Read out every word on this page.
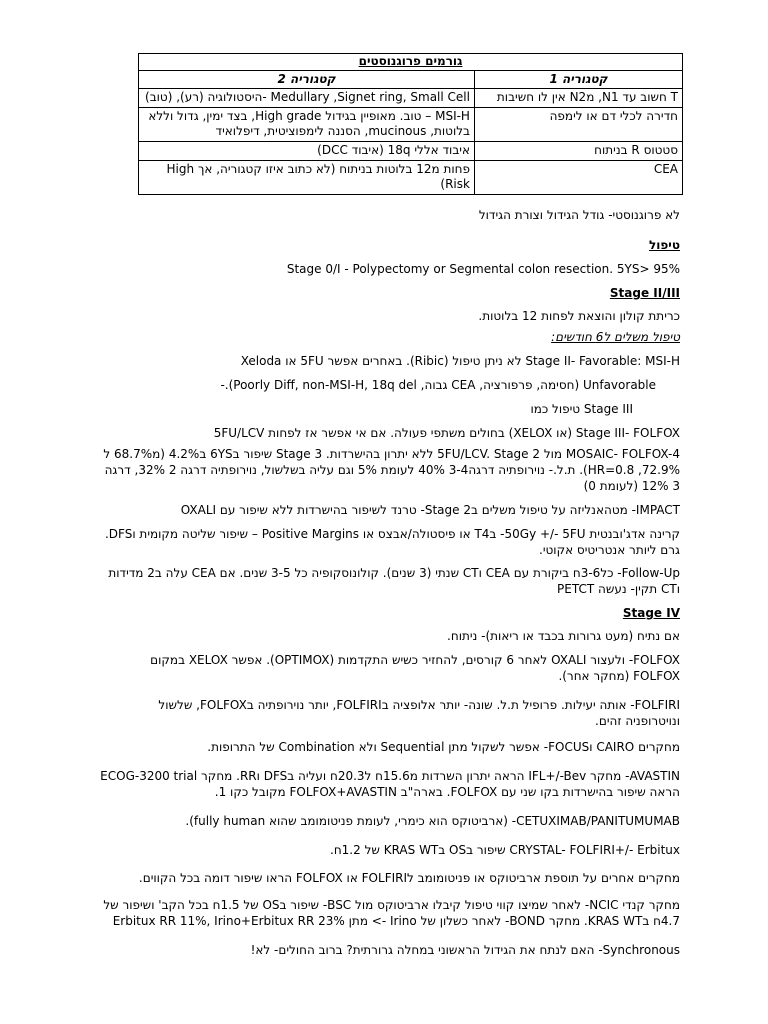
גורמים פרוגנוסטים	
קטגוריה 1	קטגוריה 2
T חשוב עד N1, מN2 אין לו חשיבות	Medullary ,Signet ring, Small Cell -היסטולוגיה (רע), (טוב)
חדירה לכלי דם או לימפה	MSI-H – טוב. מאופיין בגידול High grade, בצד ימין, גדול וללא בלוטות, mucinous, הסננה לימפוציטית, דיפלואיד
סטטוס R בניתוח	איבוד אללי 18q (איבוד DCC)
CEA	פחות מ12 בלוטות בניתוח (לא כתוב איזו קטגוריה, אך High Risk)
לא פרוגנוסטי- גודל הגידול וצורת הגידול
טיפול
Stage 0/I - Polypectomy or Segmental colon resection. 5YS> 95%
Stage II/III
כריתת קולון והוצאת לפחות 12 בלוטות.
טיפול משלים ל6 חודשים:
Stage II- Favorable: MSI-H לא ניתן טיפול (Ribic). באחרים אפשר 5FU או Xeloda
Unfavorable (חסימה, פרפורציה, CEA גבוה, Poorly Diff, non-MSI-H, 18q del).-
Stage III טיפול כמו
Stage III- FOLFOX (או XELOX) בחולים משתפי פעולה. אם אי אפשר אז לפחות 5FU/LCV
MOSAIC- FOLFOX-4 מול 5FU/LCV. Stage 2 ללא יתרון בהישרדות. Stage 3 שיפור ב6YS ב4.2% (מ68.7% ל 72.9%, HR=0.8). ת.ל.- נוירופתיה דרגה3-4 40% לעומת 5% וגם עליה בשלשול, נוירופתיה דרגה 2 32%, דרגה 3 12% (לעומת 0)
IMPACT- מטהאנליזה על טיפול משלים בStage 2- טרנד לשיפור בהישרדות ללא שיפור עם OXALI
קרינה אדג'ובנטית 50Gy +/- 5FU- בT4 או פיסטולה/אבצס או Positive Margins – שיפור שליטה מקומית וDFS. גרם ליותר אנטריטיס אקוטי.
Follow-Up- כל3-6ח ביקורת עם CEA וCT שנתי (3 שנים). קולונוסקופיה כל 3-5 שנים. אם CEA עלה ב2 מדידות וCT תקין- נעשה PETCT
Stage IV
אם נתיח (מעט גרורות בכבד או ריאות)- ניתוח.
FOLFOX- ולעצור OXALI לאחר 6 קורסים, להחזיר כשיש התקדמות (OPTIMOX). אפשר XELOX במקום FOLFOX (מחקר אחר).
FOLFIRI- אותה יעילות. פרופיל ת.ל. שונה- יותר אלופציה בFOLFIRI, יותר נוירופתיה בFOLFOX, שלשול ונויטרופניה זהים.
מחקרים CAIRO וFOCUS- אפשר לשקול מתן Sequential ולא Combination של התרופות.
AVASTIN- מחקר IFL+/-Bev הראה יתרון השרדות מ15.6ח ל20.3ח ועליה בDFS וRR. מחקר ECOG-3200 trial הראה שיפור בהישרדות בקו שני עם FOLFOX. בארה"ב FOLFOX+AVASTIN מקובל כקו 1.
CETUXIMAB/PANITUMUMAB- (ארביטוקס הוא כימרי, לעומת פניטומומב שהוא fully human).
CRYSTAL- FOLFIRI+/- Erbitux שיפור בOS בKRAS WT של 1.2ח.
מחקרים אחרים על תוספת ארביטוקס או פניטומומב לFOLFIRI או FOLFOX הראו שיפור דומה בכל הקווים.
מחקר קנדי NCIC- לאחר שמיצו קווי טיפול קיבלו ארביטוקס מול BSC- שיפור בOS של 1.5ח בכל הקב' ושיפור של 4.7ח בKRAS WT. מחקר BOND- לאחר כשלון של Irino -> מתן Erbitux RR 11%, Irino+Erbitux RR 23%
Synchronous- האם לנתח את הגידול הראשוני במחלה גרורתית? ברוב החולים- לא!
